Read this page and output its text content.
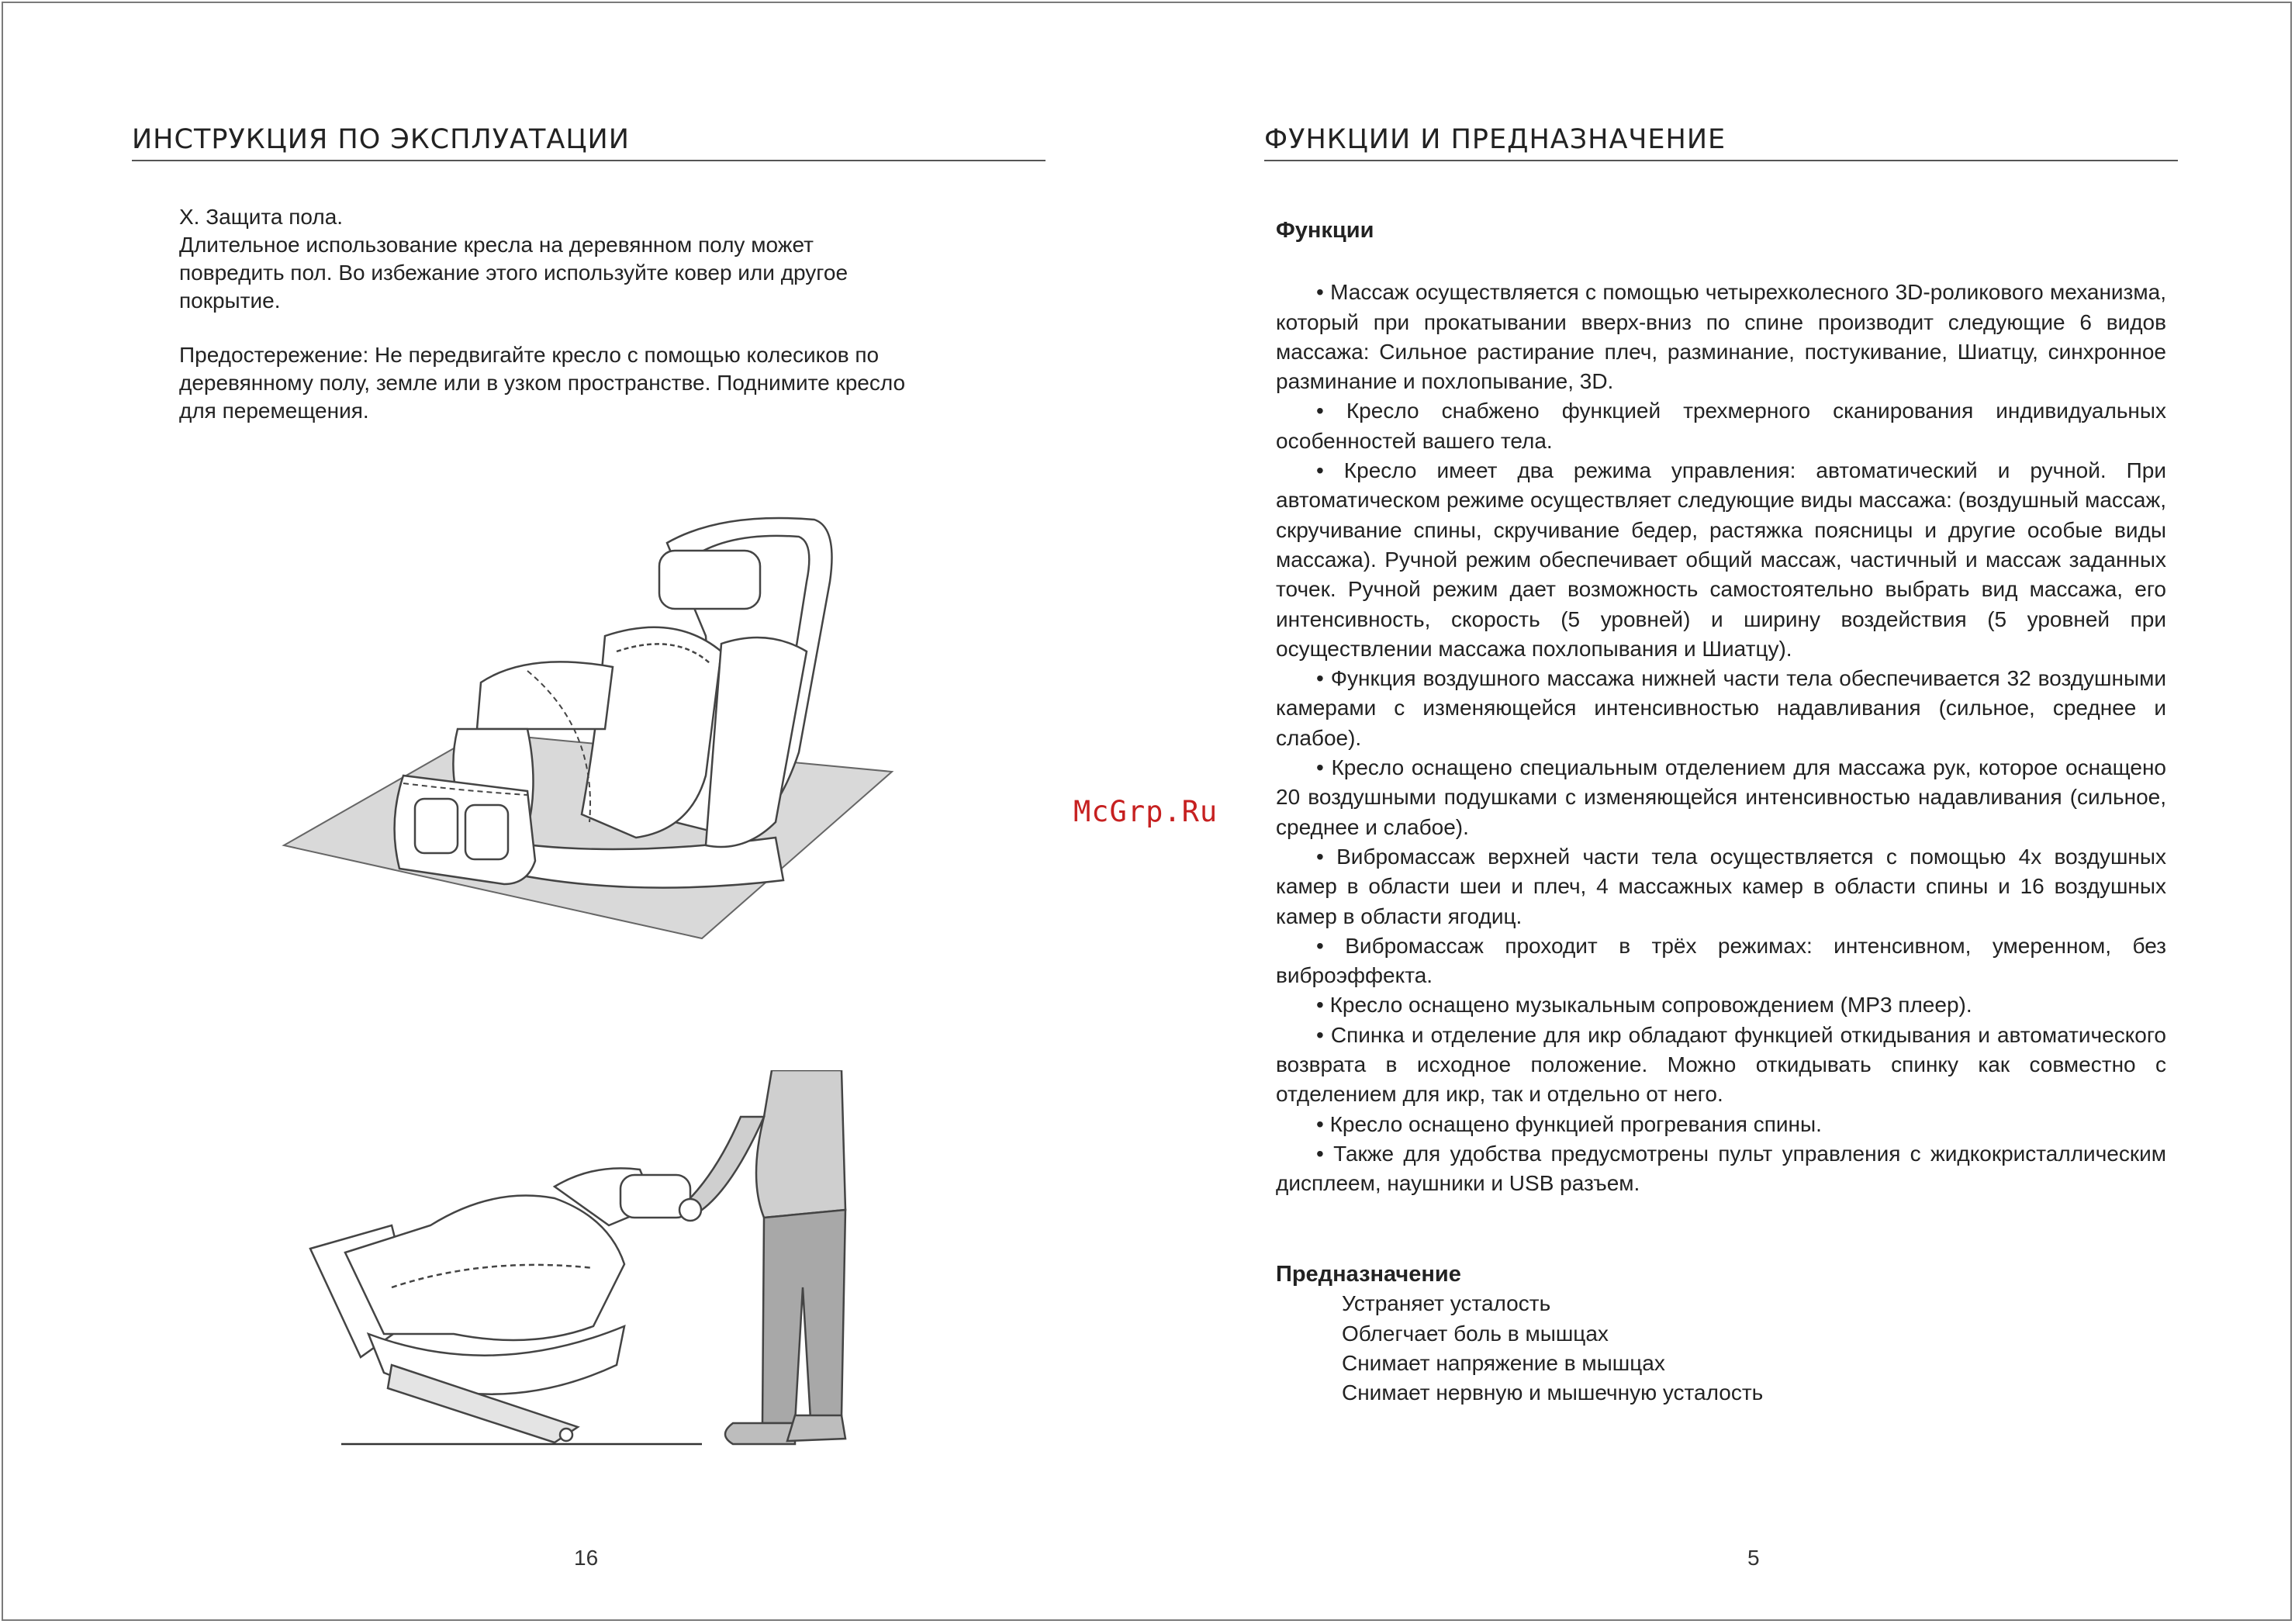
ИНСТРУКЦИЯ ПО ЭКСПЛУАТАЦИИ
X. Защита пола.
Длительное использование кресла на деревянном полу может
повредить пол. Во избежание этого используйте ковер или другое
покрытие.
Предостережение: Не передвигайте кресло с помощью колесиков по
деревянному полу, земле или в узком пространстве. Поднимите кресло
для перемещения.
16
ФУНКЦИИ И ПРЕДНАЗНАЧЕНИЕ
Функции

• Массаж осуществляется с помощью четырехколесного 3D-роликового механизма, который при прокатывании вверх-вниз по спине производит следующие 6 видов массажа: Сильное растирание плеч, разминание, постукивание, Шиатцу, синхронное разминание и похлопывание, 3D.

• Кресло снабжено функцией трехмерного сканирования индивидуальных особенностей вашего тела.

• Кресло имеет два режима управления: автоматический и ручной. При автоматическом режиме осуществляет следующие виды массажа: (воздушный массаж, скручивание спины, скручивание бедер, растяжка поясницы и другие особые виды массажа). Ручной режим обеспечивает общий массаж, частичный и массаж заданных точек. Ручной режим дает возможность самостоятельно выбрать вид массажа, его интенсивность, скорость (5 уровней) и ширину воздействия (5 уровней при осуществлении массажа похлопывания и Шиатцу).

• Функция воздушного массажа нижней части тела обеспечивается 32 воздушными камерами с изменяющейся интенсивностью надавливания (сильное, среднее и слабое).

• Кресло оснащено специальным отделением для массажа рук, которое оснащено 20 воздушными подушками с изменяющейся интенсивностью надавливания (сильное, среднее и слабое).

• Вибромассаж верхней части тела осуществляется с помощью 4х воздушных камер в области шеи и плеч, 4 массажных камер в области спины и 16 воздушных камер в области ягодиц.

• Вибромассаж проходит в трёх режимах: интенсивном, умеренном, без виброэффекта.

• Кресло оснащено музыкальным сопровождением (MP3 плеер).

• Спинка и отделение для икр обладают функцией откидывания и автоматического возврата в исходное положение. Можно откидывать спинку как совместно с отделением для икр, так и отдельно от него.

• Кресло оснащено функцией прогревания спины.

• Также для удобства предусмотрены пульт управления с жидкокристаллическим дисплеем, наушники и USB разъем.

Предназначение

Устраняет усталость

Облегчает боль в мышцах

Снимает напряжение в мышцах

Снимает нервную и мышечную усталость

5
McGrp.Ru
